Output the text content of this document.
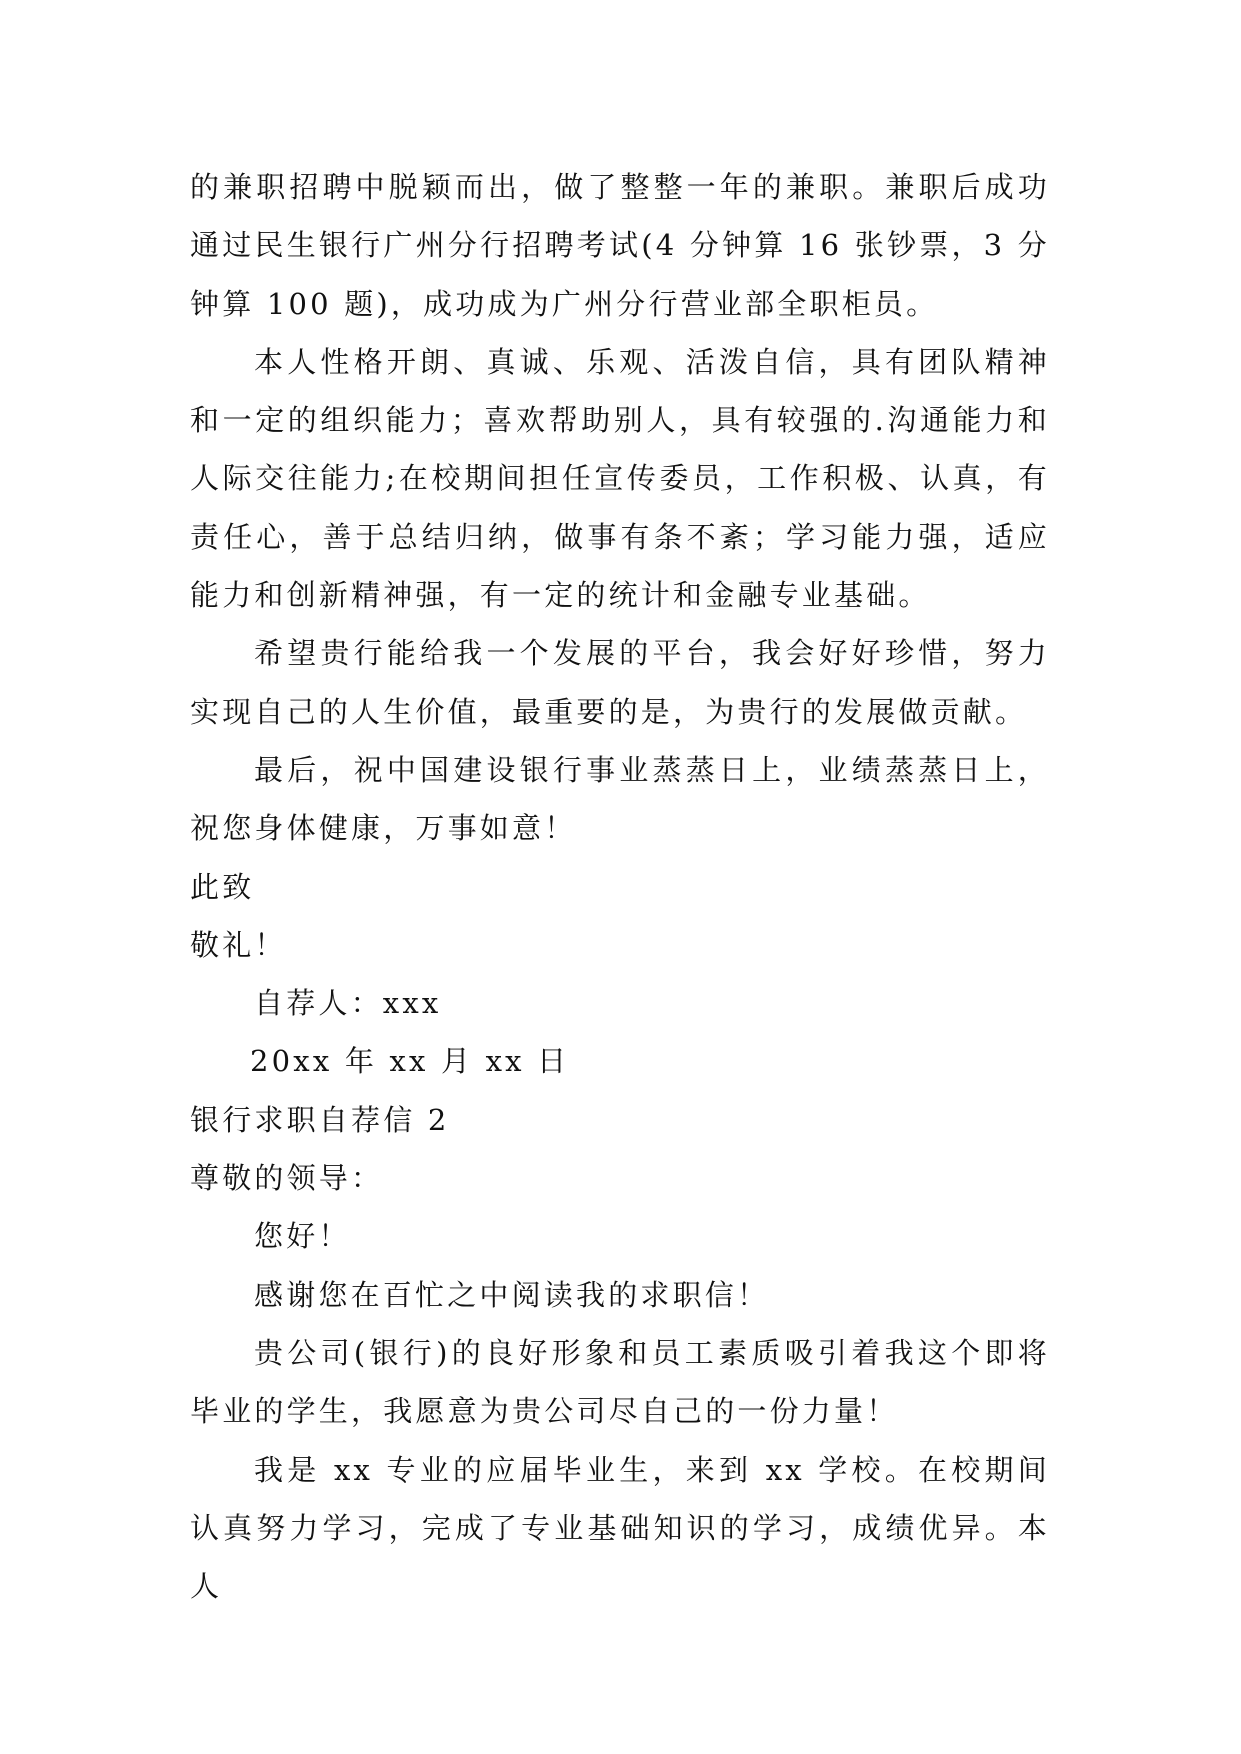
的兼职招聘中脱颖而出，做了整整一年的兼职。兼职后成功通过民生银行广州分行招聘考试(4 分钟算 16 张钞票，3 分钟算 100 题)，成功成为广州分行营业部全职柜员。

本人性格开朗、真诚、乐观、活泼自信，具有团队精神和一定的组织能力；喜欢帮助别人，具有较强的.沟通能力和人际交往能力;在校期间担任宣传委员，工作积极、认真，有责任心，善于总结归纳，做事有条不紊；学习能力强，适应能力和创新精神强，有一定的统计和金融专业基础。

希望贵行能给我一个发展的平台，我会好好珍惜，努力实现自己的人生价值，最重要的是，为贵行的发展做贡献。

最后，祝中国建设银行事业蒸蒸日上，业绩蒸蒸日上，祝您身体健康，万事如意！

此致

敬礼！

自荐人：xxx

20xx 年 xx 月 xx 日

银行求职自荐信 2

尊敬的领导：

您好！

感谢您在百忙之中阅读我的求职信！

贵公司(银行)的良好形象和员工素质吸引着我这个即将毕业的学生，我愿意为贵公司尽自己的一份力量！

我是 xx 专业的应届毕业生，来到 xx 学校。在校期间认真努力学习，完成了专业基础知识的学习，成绩优异。本人
